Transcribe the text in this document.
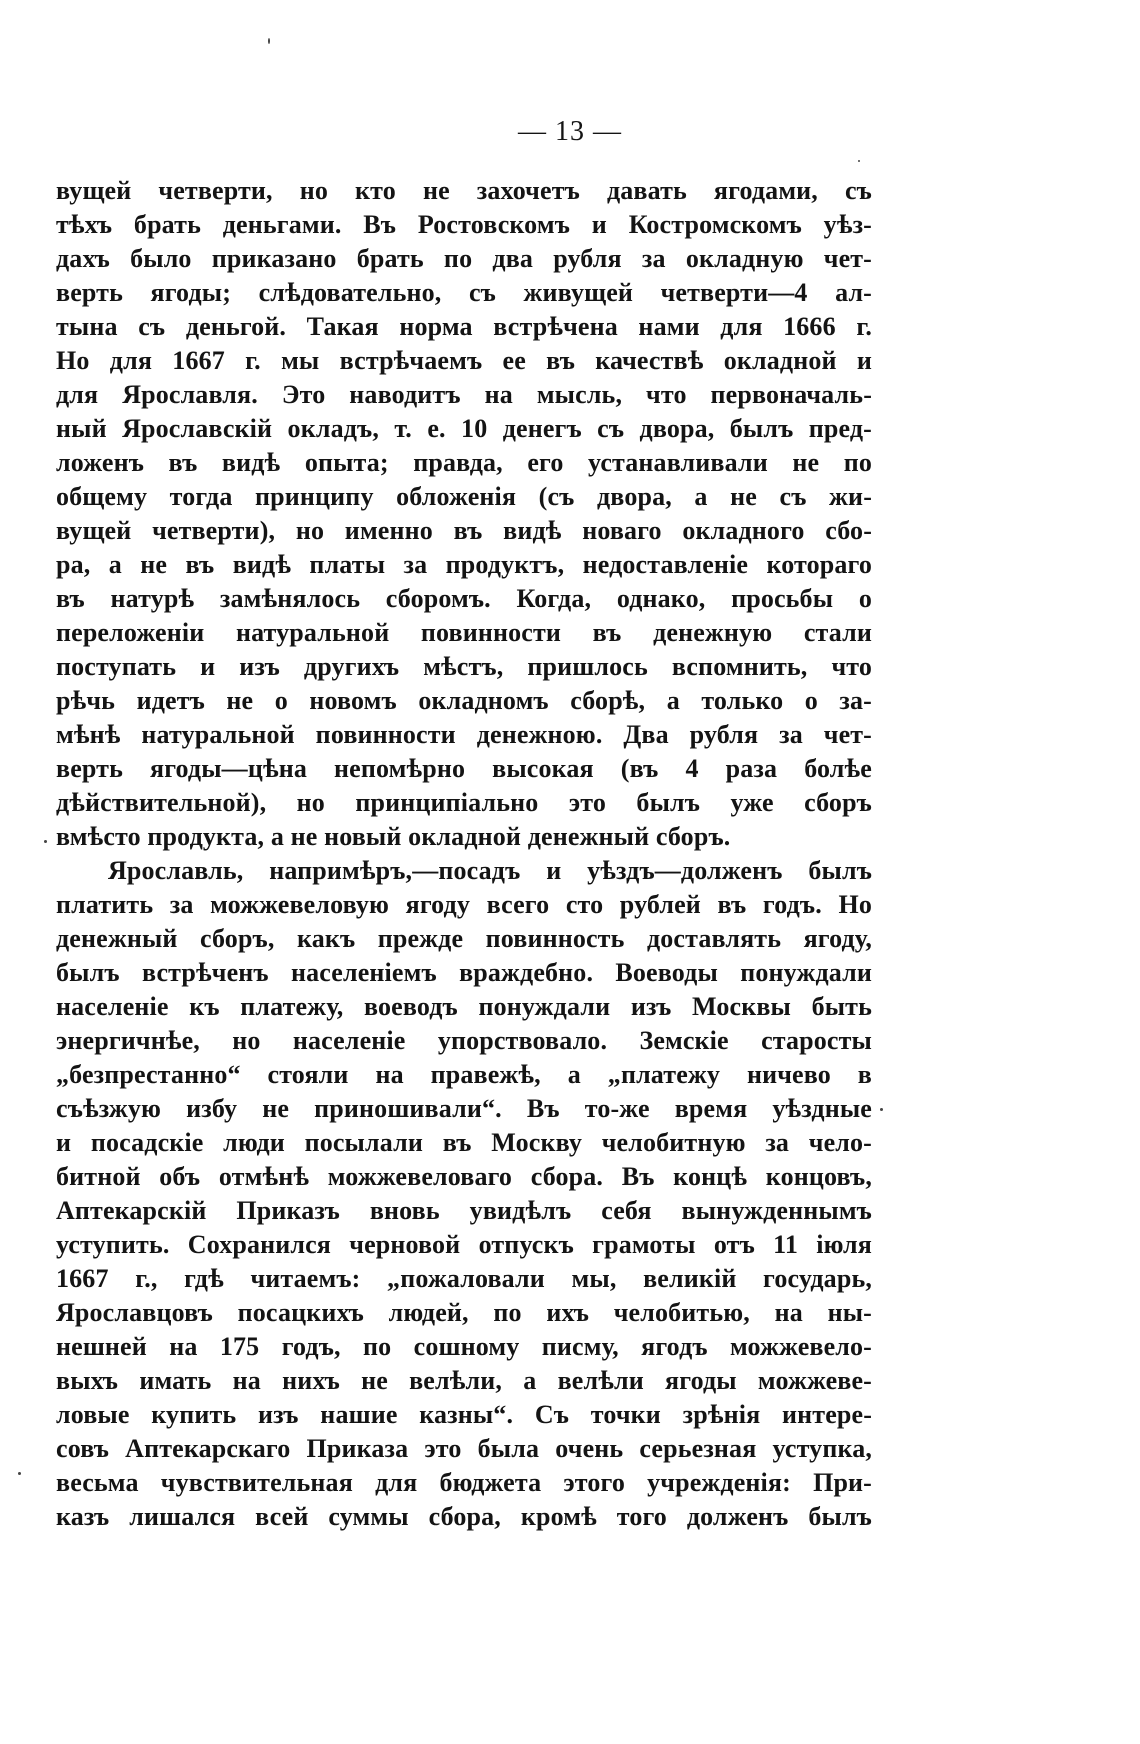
— 13 —
вущей четверти, но кто не захочетъ давать ягодами, съ
тѣхъ брать деньгами. Въ Ростовскомъ и Костромскомъ уѣз-
дахъ было приказано брать по два рубля за окладную чет-
верть ягоды; слѣдовательно, съ живущей четверти—4 ал-
тына съ деньгой. Такая норма встрѣчена нами для 1666 г.
Но для 1667 г. мы встрѣчаемъ ее въ качествѣ окладной и
для Ярославля. Это наводитъ на мысль, что первоначаль-
ный Ярославскій окладъ, т. е. 10 денегъ съ двора, былъ пред-
ложенъ въ видѣ опыта; правда, его устанавливали не по
общему тогда принципу обложенія (съ двора, а не съ жи-
вущей четверти), но именно въ видѣ новаго окладного сбо-
ра, а не въ видѣ платы за продуктъ, недоставленіе котораго
въ натурѣ замѣнялось сборомъ. Когда, однако, просьбы о
переложеніи натуральной повинности въ денежную стали
поступать и изъ другихъ мѣстъ, пришлось вспомнить, что
рѣчь идетъ не о новомъ окладномъ сборѣ, а только о за-
мѣнѣ натуральной повинности денежною. Два рубля за чет-
верть ягоды—цѣна непомѣрно высокая (въ 4 раза болѣе
дѣйствительной), но принципіально это былъ уже сборъ
вмѣсто продукта, а не новый окладной денежный сборъ.
Ярославль, напримѣръ,—посадъ и уѣздъ—долженъ былъ
платить за можжевеловую ягоду всего сто рублей въ годъ. Но
денежный сборъ, какъ прежде повинность доставлять ягоду,
былъ встрѣченъ населеніемъ враждебно. Воеводы понуждали
населеніе къ платежу, воеводъ понуждали изъ Москвы быть
энергичнѣе, но населеніе упорствовало. Земскіе старосты
„безпрестанно“ стояли на правежѣ, а „платежу ничево в
съѣзжую избу не приношивали“. Въ то-же время уѣздные
и посадскіе люди посылали въ Москву челобитную за чело-
битной объ отмѣнѣ можжевеловаго сбора. Въ концѣ концовъ,
Аптекарскій Приказъ вновь увидѣлъ себя вынужденнымъ
уступить. Сохранился черновой отпускъ грамоты отъ 11 іюля
1667 г., гдѣ читаемъ: „пожаловали мы, великій государь,
Ярославцовъ посацкихъ людей, по ихъ челобитью, на ны-
нешней на 175 годъ, по сошному писму, ягодъ можжевело-
выхъ имать на нихъ не велѣли, а велѣли ягоды можжеве-
ловые купить изъ нашие казны“. Съ точки зрѣнія интере-
совъ Аптекарскаго Приказа это была очень серьезная уступка,
весьма чувствительная для бюджета этого учрежденія: При-
казъ лишался всей суммы сбора, кромѣ того долженъ былъ
